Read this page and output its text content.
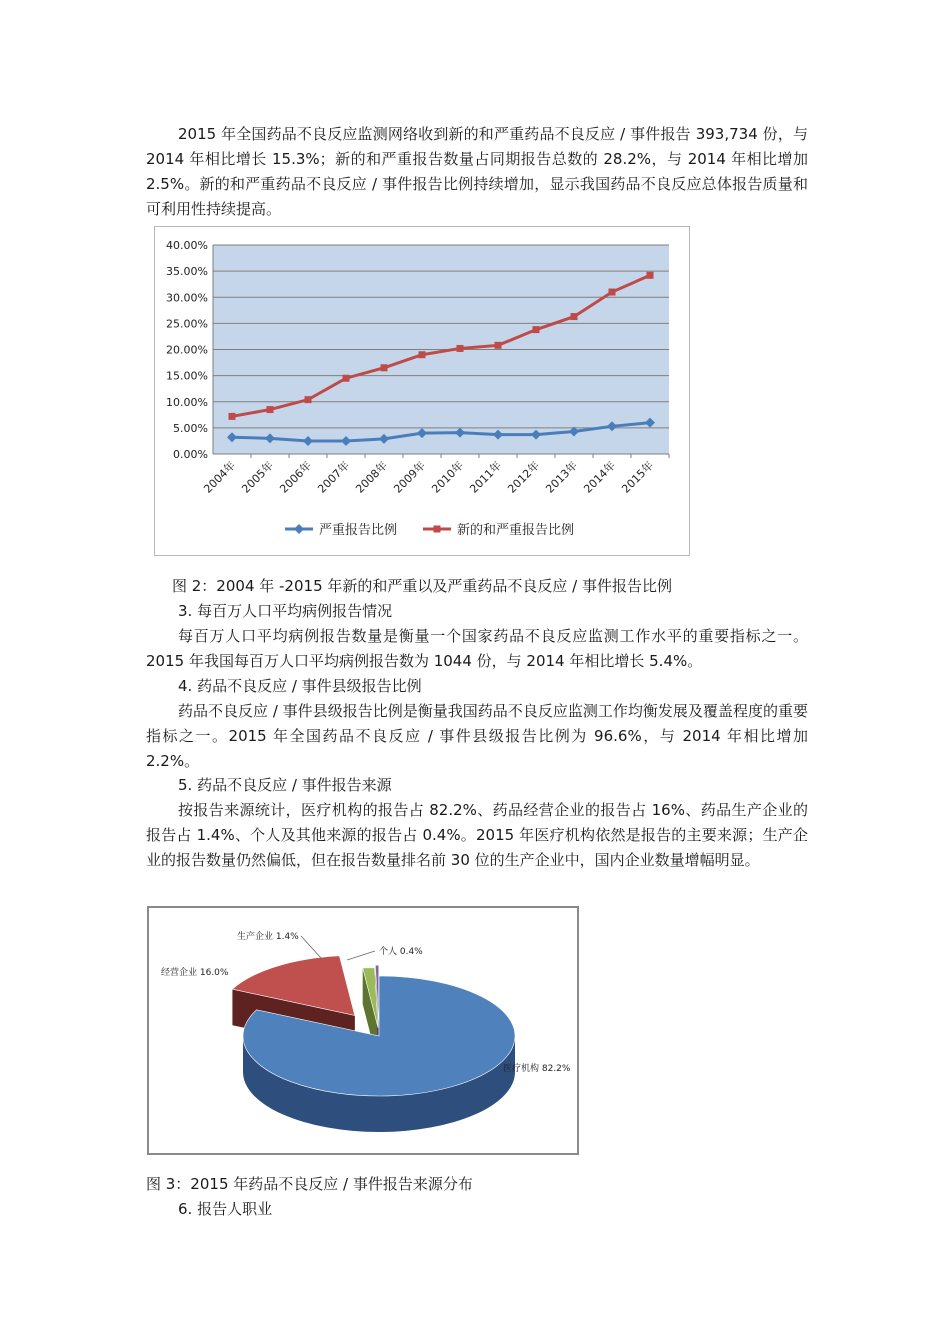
2015 年全国药品不良反应监测网络收到新的和严重药品不良反应 / 事件报告 393,734 份，与 2014 年相比增长 15.3%；新的和严重报告数量占同期报告总数的 28.2%，与 2014 年相比增加 2.5%。新的和严重药品不良反应 / 事件报告比例持续增加，显示我国药品不良反应总体报告质量和可利用性持续提高。

0.00%
5.00%
10.00%
15.00%
20.00%
25.00%
30.00%
35.00%
40.00%
2004年 2005年 2006年 2007年 2008年 2009年 2010年 2011年 2012年 2013年 2014年 2015年
严重报告比例	新的和严重报告比例

图 2：2004 年 -2015 年新的和严重以及严重药品不良反应 / 事件报告比例

3. 每百万人口平均病例报告情况

每百万人口平均病例报告数量是衡量一个国家药品不良反应监测工作水平的重要指标之一。2015 年我国每百万人口平均病例报告数为 1044 份，与 2014 年相比增长 5.4%。

4. 药品不良反应 / 事件县级报告比例

药品不良反应 / 事件县级报告比例是衡量我国药品不良反应监测工作均衡发展及覆盖程度的重要指标之一。2015 年全国药品不良反应 / 事件县级报告比例为 96.6%，与 2014 年相比增加 2.2%。

5. 药品不良反应 / 事件报告来源

按报告来源统计，医疗机构的报告占 82.2%、药品经营企业的报告占 16%、药品生产企业的报告占 1.4%、个人及其他来源的报告占 0.4%。2015 年医疗机构依然是报告的主要来源；生产企业的报告数量仍然偏低，但在报告数量排名前 30 位的生产企业中，国内企业数量增幅明显。

医疗机构 82.2%
经营企业 16.0%
生产企业 1.4%
个人 0.4%

图 3：2015 年药品不良反应 / 事件报告来源分布

6. 报告人职业
